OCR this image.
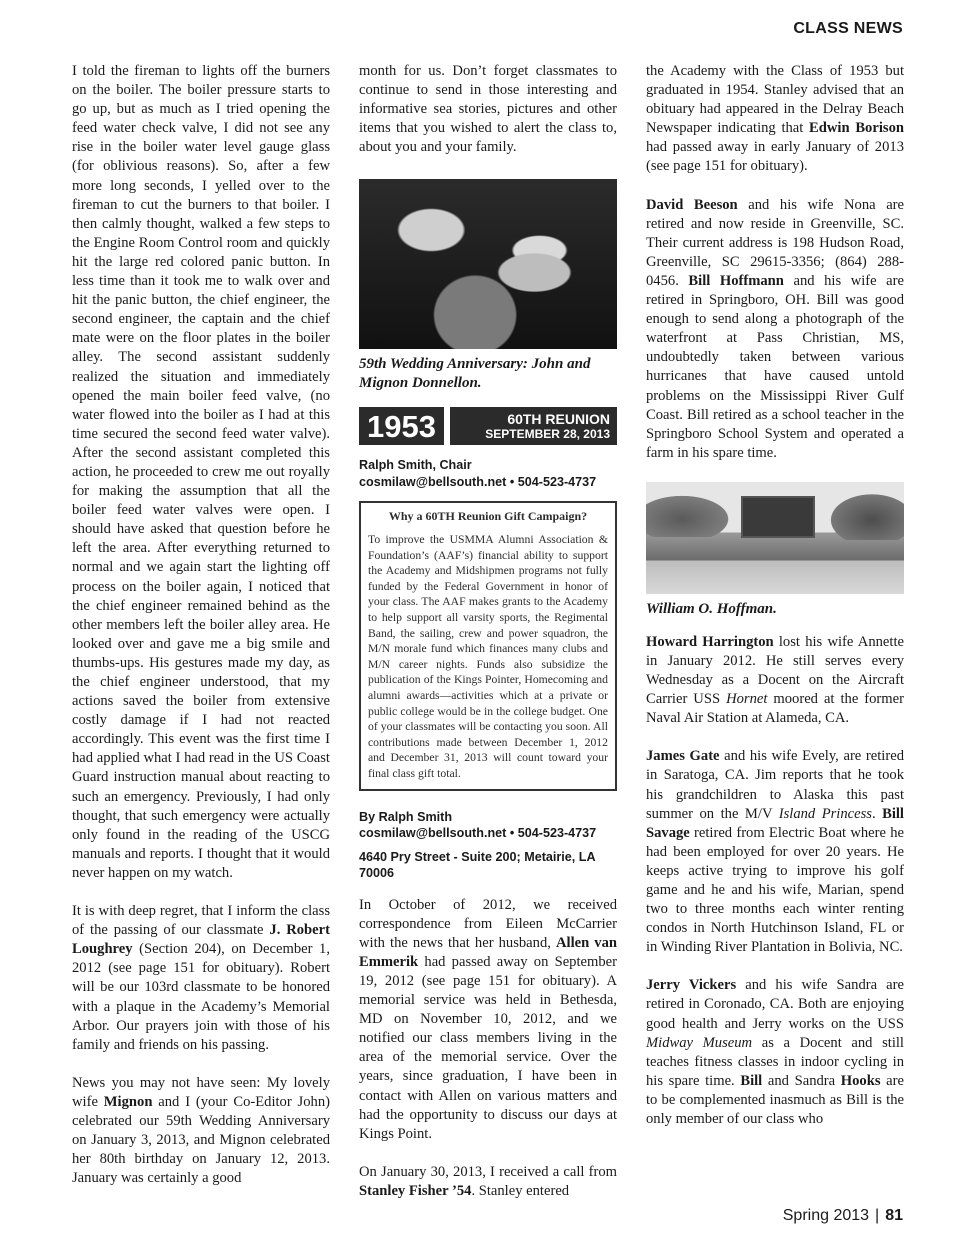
CLASS NEWS

I told the fireman to lights off the burners on the boiler. The boiler pressure starts to go up, but as much as I tried opening the feed water check valve, I did not see any rise in the boiler water level gauge glass (for oblivious reasons). So, after a few more long seconds, I yelled over to the fireman to cut the burners to that boiler. I then calmly thought, walked a few steps to the Engine Room Control room and quickly hit the large red colored panic button. In less time than it took me to walk over and hit the panic button, the chief engineer, the second engineer, the captain and the chief mate were on the floor plates in the boiler alley. The second assistant suddenly realized the situation and immediately opened the main boiler feed valve, (no water flowed into the boiler as I had at this time secured the second feed water valve). After the second assistant completed this action, he proceeded to crew me out royally for making the assumption that all the boiler feed water valves were open. I should have asked that question before he left the area. After everything returned to normal and we again start the lighting off process on the boiler again, I noticed that the chief engineer remained behind as the other members left the boiler alley area. He looked over and gave me a big smile and thumbs-ups. His gestures made my day, as the chief engineer understood, that my actions saved the boiler from extensive costly damage if I had not reacted accordingly. This event was the first time I had applied what I had read in the US Coast Guard instruction manual about reacting to such an emergency. Previously, I had only thought, that such emergency were actually only found in the reading of the USCG manuals and reports. I thought that it would never happen on my watch.

It is with deep regret, that I inform the class of the passing of our classmate J. Robert Loughrey (Section 204), on December 1, 2012 (see page 151 for obituary). Robert will be our 103rd classmate to be honored with a plaque in the Academy’s Memorial Arbor. Our prayers join with those of his family and friends on his passing.

News you may not have seen: My lovely wife Mignon and I (your Co-Editor John) celebrated our 59th Wedding Anniversary on January 3, 2013, and Mignon celebrated her 80th birthday on January 12, 2013. January was certainly a good

month for us. Don’t forget classmates to continue to send in those interesting and informative sea stories, pictures and other items that you wished to alert the class to, about you and your family.

59th Wedding Anniversary: John and Mignon Donnellon.
1953	60TH REUNION
SEPTEMBER 28, 2013
Ralph Smith, Chair
cosmilaw@bellsouth.net • 504-523-4737
Why a 60TH Reunion Gift Campaign?
To improve the USMMA Alumni Association & Foundation’s (AAF’s) financial ability to support the Academy and Midshipmen programs not fully funded by the Federal Government in honor of your class. The AAF makes grants to the Academy to help support all varsity sports, the Regimental Band, the sailing, crew and power squadron, the M/N morale fund which finances many clubs and M/N career nights. Funds also subsidize the publication of the Kings Pointer, Homecoming and alumni awards—activities which at a private or public college would be in the college budget. One of your classmates will be contacting you soon. All contributions made between December 1, 2012 and December 31, 2013 will count toward your final class gift total.
By Ralph Smith
cosmilaw@bellsouth.net • 504-523-4737
4640 Pry Street - Suite 200; Metairie, LA 70006

In October of 2012, we received correspondence from Eileen McCarrier with the news that her husband, Allen van Emmerik had passed away on September 19, 2012 (see page 151 for obituary). A memorial service was held in Bethesda, MD on November 10, 2012, and we notified our class members living in the area of the memorial service. Over the years, since graduation, I have been in contact with Allen on various matters and had the opportunity to discuss our days at Kings Point.

On January 30, 2013, I received a call from Stanley Fisher ’54. Stanley entered

the Academy with the Class of 1953 but graduated in 1954. Stanley advised that an obituary had appeared in the Delray Beach Newspaper indicating that Edwin Borison had passed away in early January of 2013 (see page 151 for obituary).

David Beeson and his wife Nona are retired and now reside in Greenville, SC. Their current address is 198 Hudson Road, Greenville, SC 29615-3356; (864) 288-0456. Bill Hoffmann and his wife are retired in Springboro, OH. Bill was good enough to send along a photograph of the waterfront at Pass Christian, MS, undoubtedly taken between various hurricanes that have caused untold problems on the Mississippi River Gulf Coast. Bill retired as a school teacher in the Springboro School System and operated a farm in his spare time.

William O. Hoffman.

Howard Harrington lost his wife Annette in January 2012. He still serves every Wednesday as a Docent on the Aircraft Carrier USS Hornet moored at the former Naval Air Station at Alameda, CA.

James Gate and his wife Evely, are retired in Saratoga, CA. Jim reports that he took his grandchildren to Alaska this past summer on the M/V Island Princess. Bill Savage retired from Electric Boat where he had been employed for over 20 years. He keeps active trying to improve his golf game and he and his wife, Marian, spend two to three months each winter renting condos in North Hutchinson Island, FL or in Winding River Plantation in Bolivia, NC.

Jerry Vickers and his wife Sandra are retired in Coronado, CA. Both are enjoying good health and Jerry works on the USS Midway Museum as a Docent and still teaches fitness classes in indoor cycling in his spare time. Bill and Sandra Hooks are to be complemented inasmuch as Bill is the only member of our class who

Spring 2013 | 81
